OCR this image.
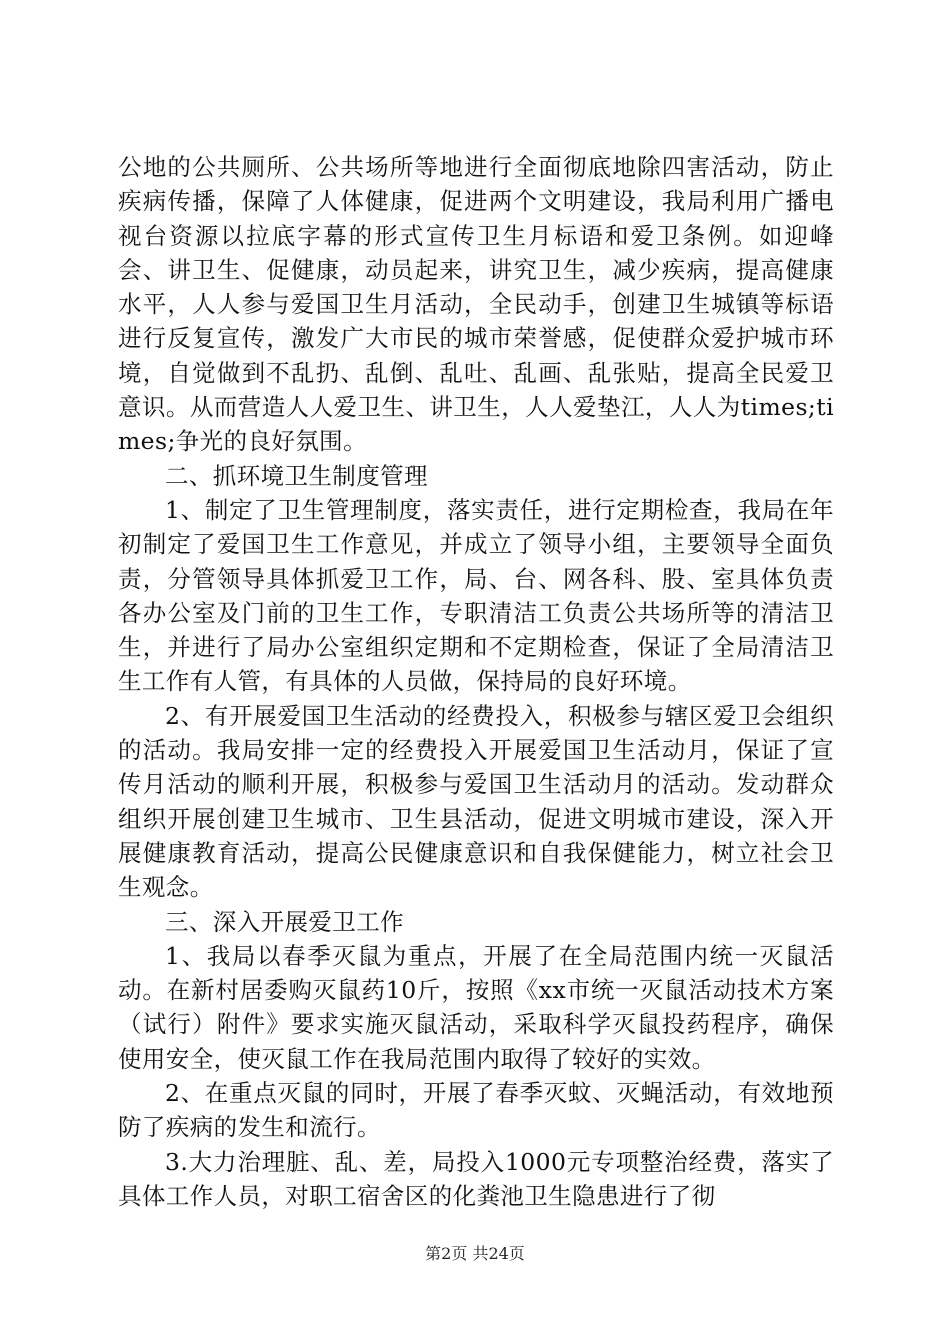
公地的公共厕所、公共场所等地进行全面彻底地除四害活动，防止疾病传播，保障了人体健康，促进两个文明建设，我局利用广播电视台资源以拉底字幕的形式宣传卫生月标语和爱卫条例。如迎峰会、讲卫生、促健康，动员起来，讲究卫生，减少疾病，提高健康水平，人人参与爱国卫生月活动，全民动手，创建卫生城镇等标语进行反复宣传，激发广大市民的城市荣誉感，促使群众爱护城市环境，自觉做到不乱扔、乱倒、乱吐、乱画、乱张贴，提高全民爱卫意识。从而营造人人爱卫生、讲卫生，人人爱垫江，人人为times;times;争光的良好氛围。

二、抓环境卫生制度管理

1、制定了卫生管理制度，落实责任，进行定期检查，我局在年初制定了爱国卫生工作意见，并成立了领导小组，主要领导全面负责，分管领导具体抓爱卫工作，局、台、网各科、股、室具体负责各办公室及门前的卫生工作，专职清洁工负责公共场所等的清洁卫生，并进行了局办公室组织定期和不定期检查，保证了全局清洁卫生工作有人管，有具体的人员做，保持局的良好环境。

2、有开展爱国卫生活动的经费投入，积极参与辖区爱卫会组织的活动。我局安排一定的经费投入开展爱国卫生活动月，保证了宣传月活动的顺利开展，积极参与爱国卫生活动月的活动。发动群众组织开展创建卫生城市、卫生县活动，促进文明城市建设，深入开展健康教育活动，提高公民健康意识和自我保健能力，树立社会卫生观念。

三、深入开展爱卫工作

1、我局以春季灭鼠为重点，开展了在全局范围内统一灭鼠活动。在新村居委购灭鼠药10斤，按照《xx市统一灭鼠活动技术方案（试行）附件》要求实施灭鼠活动，采取科学灭鼠投药程序，确保使用安全，使灭鼠工作在我局范围内取得了较好的实效。

2、在重点灭鼠的同时，开展了春季灭蚊、灭蝇活动，有效地预防了疾病的发生和流行。

3.大力治理脏、乱、差，局投入1000元专项整治经费，落实了具体工作人员，对职工宿舍区的化粪池卫生隐患进行了彻

第2页 共24页
